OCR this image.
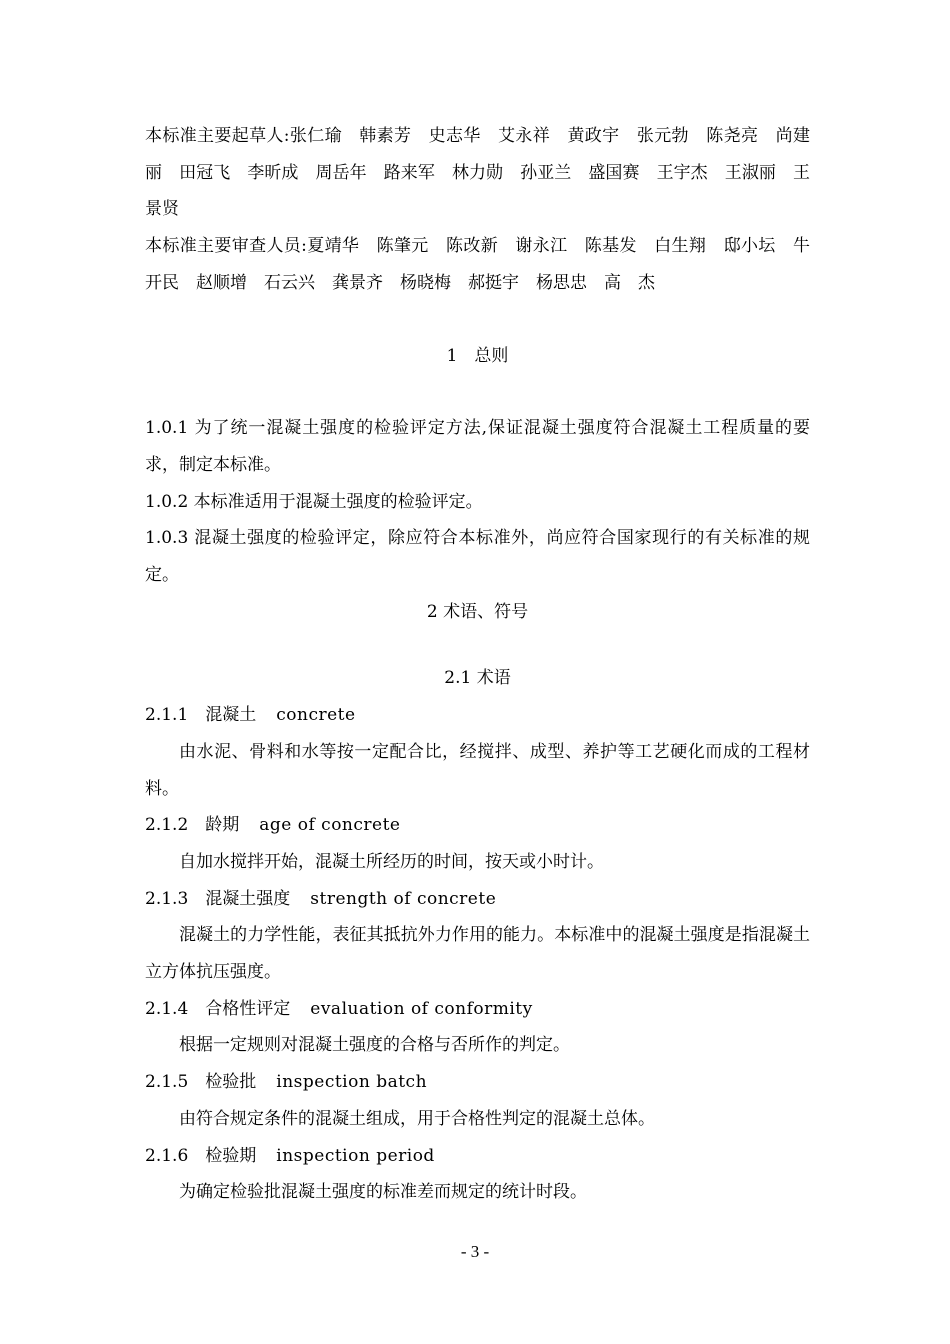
本标准主要起草人:张仁瑜　韩素芳　史志华　艾永祥　黄政宇　张元勃　陈尧亮　尚建丽　田冠飞　李昕成　周岳年　路来军　林力勋　孙亚兰　盛国赛　王宇杰　王淑丽　王景贤

本标准主要审查人员:夏靖华　陈肇元　陈改新　谢永江　陈基发　白生翔　邸小坛　牛开民　赵顺增　石云兴　龚景齐　杨晓梅　郝挺宇　杨思忠　高　杰

1　总则

1.0.1 为了统一混凝土强度的检验评定方法,保证混凝土强度符合混凝土工程质量的要求，制定本标准。

1.0.2 本标准适用于混凝土强度的检验评定。

1.0.3 混凝土强度的检验评定，除应符合本标准外，尚应符合国家现行的有关标准的规定。

2 术语、符号

2.1 术语

2.1.1　 混凝土 concrete

由水泥、骨料和水等按一定配合比，经搅拌、成型、养护等工艺硬化而成的工程材料。

2.1.2　 龄期 age of concrete

自加水搅拌开始，混凝土所经历的时间，按天或小时计。

2.1.3　 混凝土强度 strength of concrete

混凝土的力学性能，表征其抵抗外力作用的能力。本标准中的混凝土强度是指混凝土立方体抗压强度。

2.1.4　 合格性评定 evaluation of conformity

根据一定规则对混凝土强度的合格与否所作的判定。

2.1.5　 检验批 inspection batch

由符合规定条件的混凝土组成，用于合格性判定的混凝土总体。

2.1.6　 检验期 inspection period

为确定检验批混凝土强度的标准差而规定的统计时段。

- 3 -
